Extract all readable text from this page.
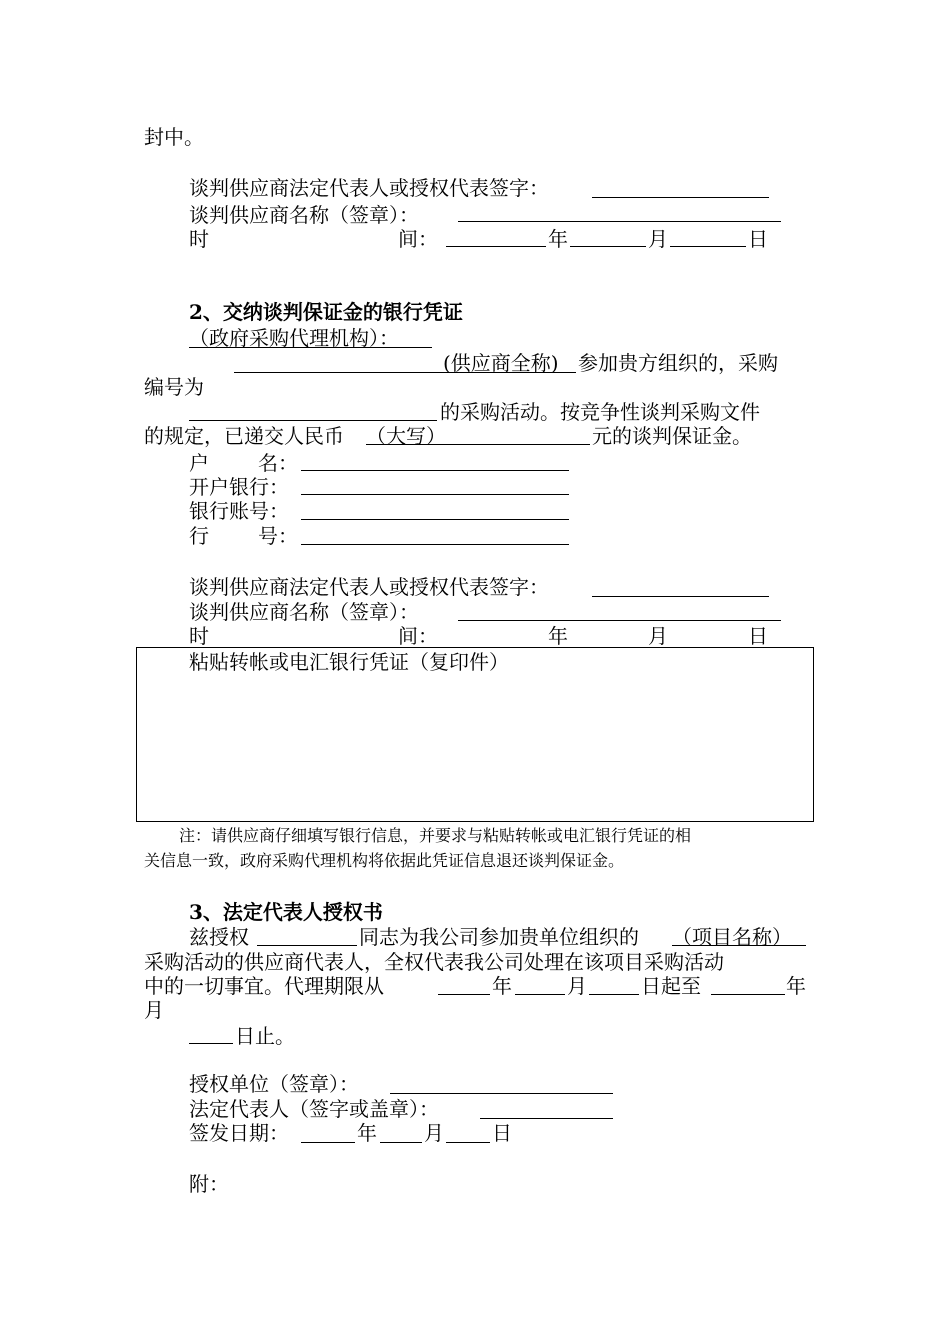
封中。
谈判供应商法定代表人或授权代表签字：
谈判供应商名称（签章）：
时	间：	年	月	日
2、交纳谈判保证金的银行凭证
（政府采购代理机构）：
(供应商全称) 参加贵方组织的，采购
编号为
的采购活动。按竞争性谈判采购文件
的规定，已递交人民币 （大写）	元的谈判保证金。
户 名：
开户银行：
银行账号：
行 号：
谈判供应商法定代表人或授权代表签字：
谈判供应商名称（签章）：
时	间：	年	月	日
粘贴转帐或电汇银行凭证（复印件）
注：请供应商仔细填写银行信息，并要求与粘贴转帐或电汇银行凭证的相
关信息一致，政府采购代理机构将依据此凭证信息退还谈判保证金。
3、法定代表人授权书
兹授权	同志为我公司参加贵单位组织的 （项目名称）
采购活动的供应商代表人，全权代表我公司处理在该项目采购活动
中的一切事宜。代理期限从	年	月	日起至	年
月
日止。
授权单位（签章）：
法定代表人（签字或盖章）：
签发日期：	年 月 日
附：
